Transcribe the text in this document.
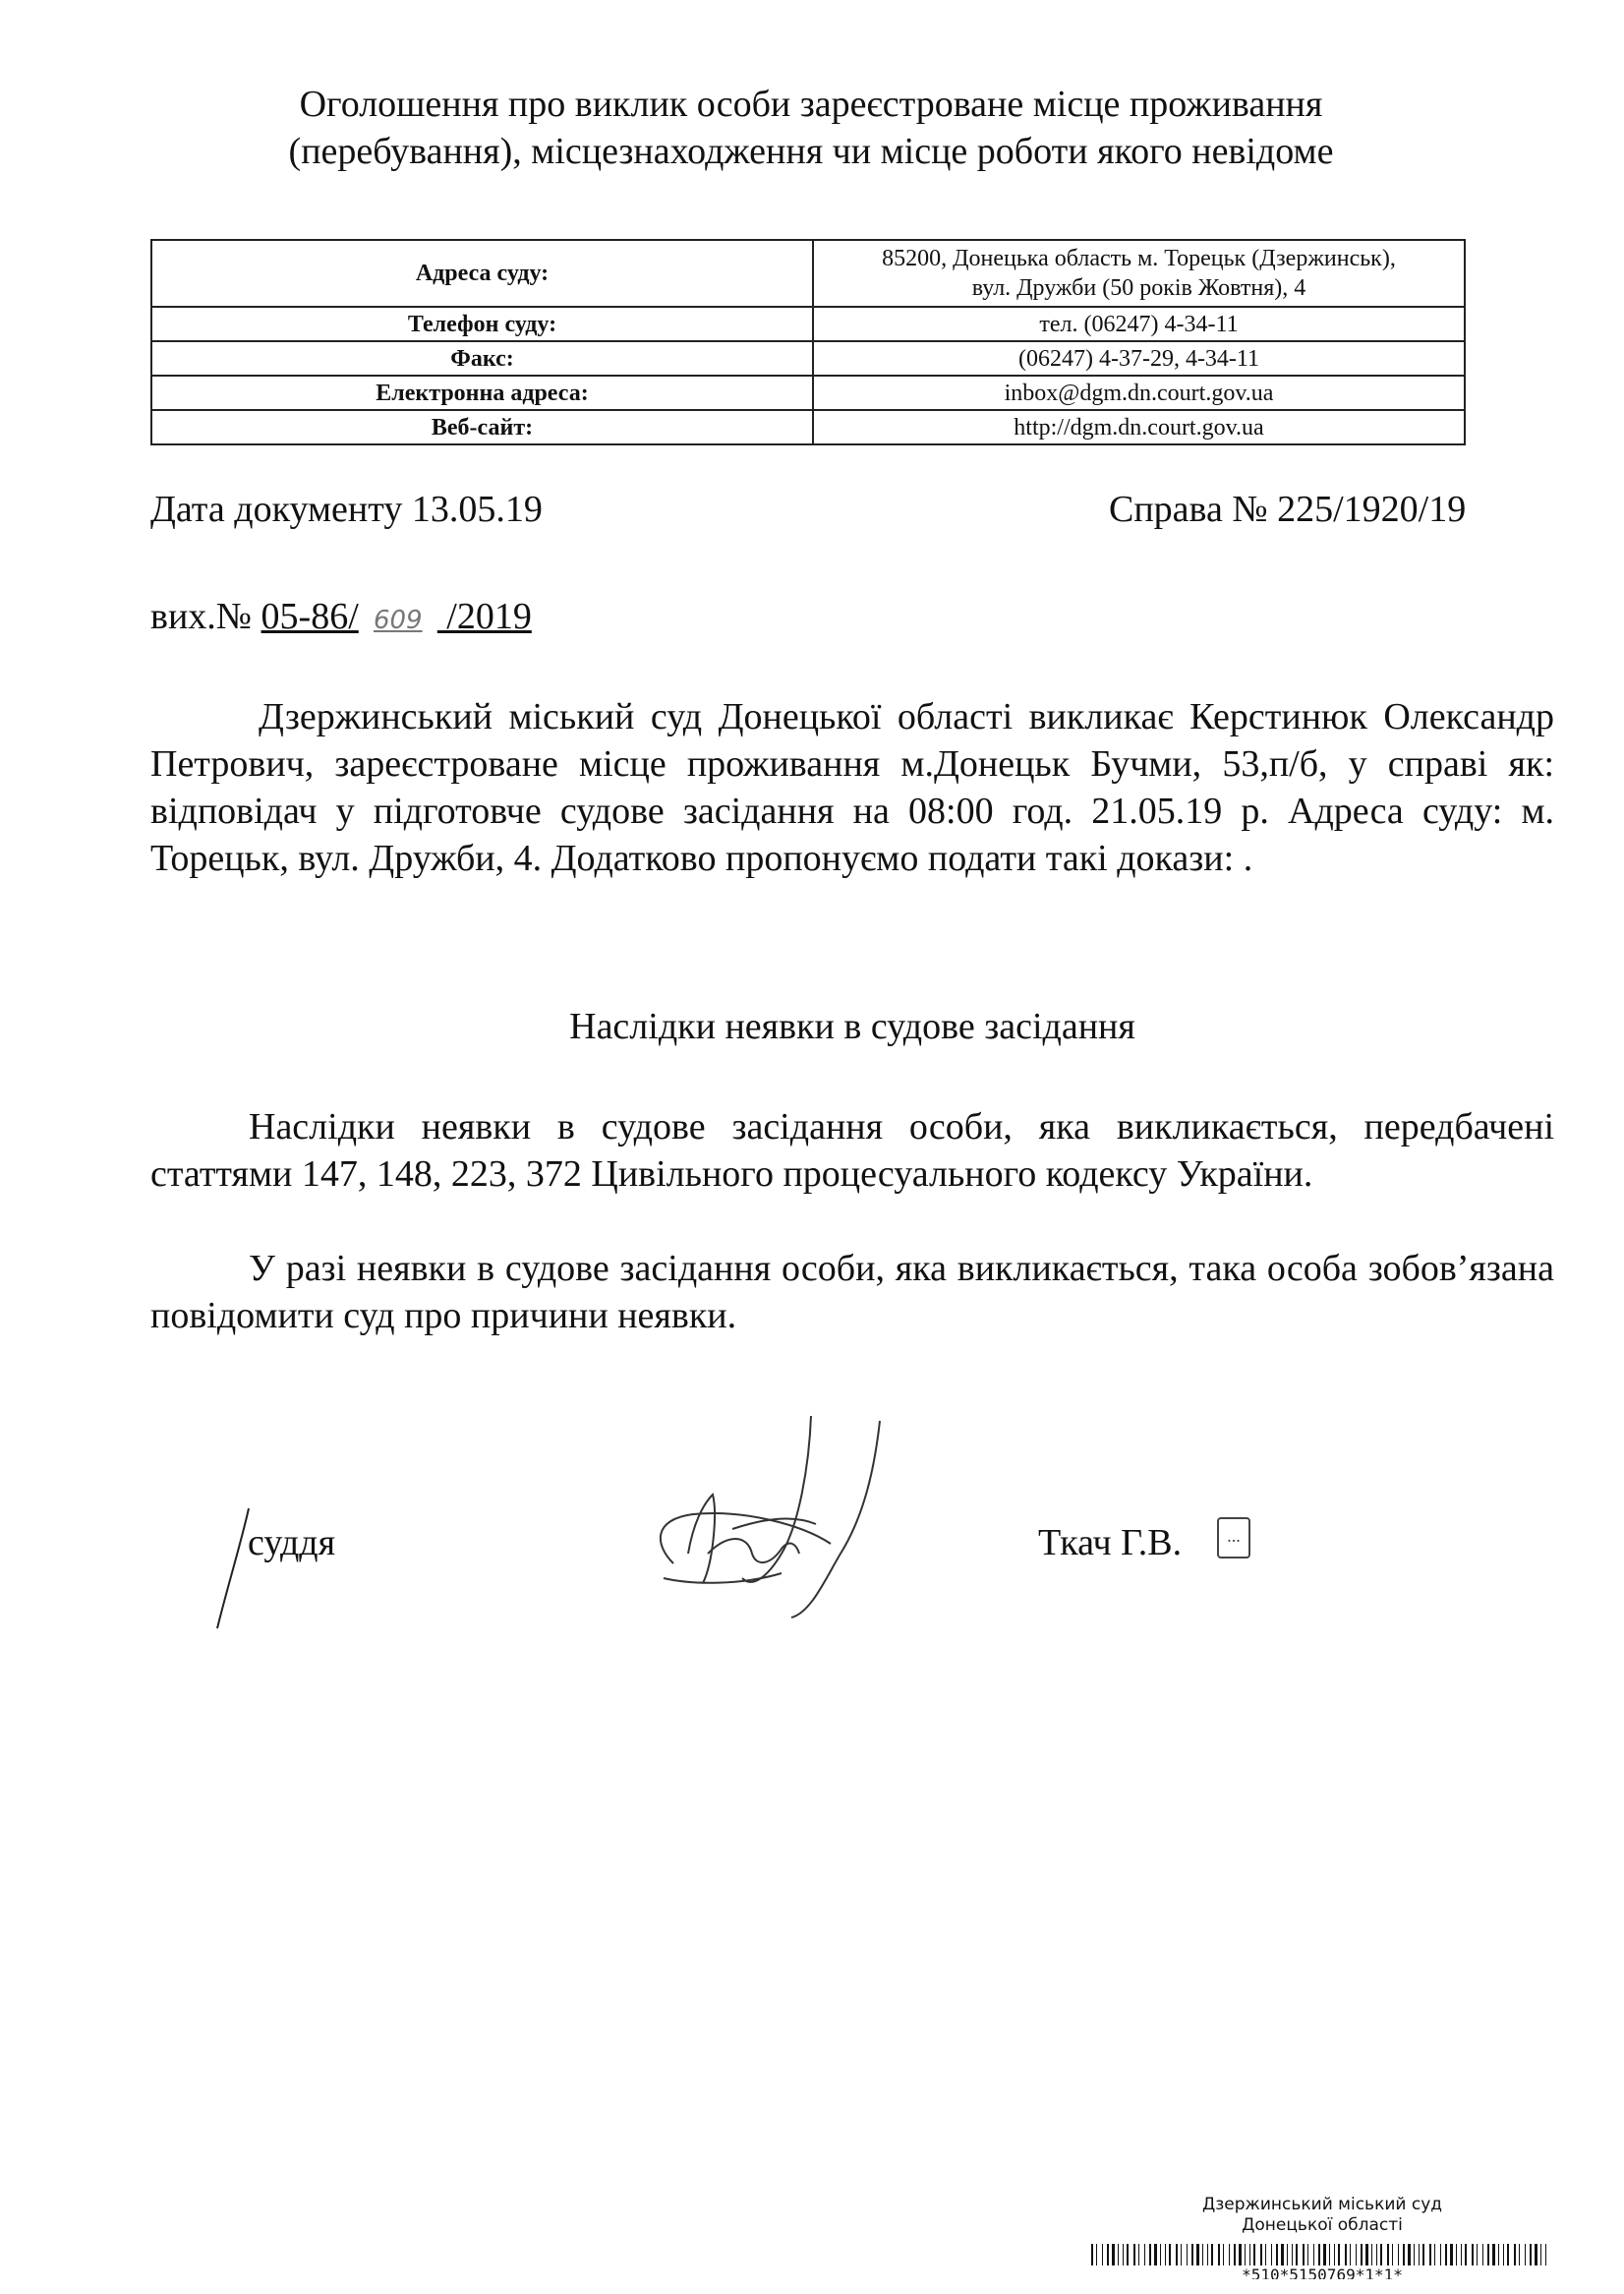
Оголошення про виклик особи зареєстроване місце проживання
(перебування), місцезнаходження чи місце роботи якого невідоме
Адреса суду:	85200, Донецька область м. Торецьк (Дзержинськ),
вул. Дружби (50 років Жовтня), 4

Телефон суду:	тел. (06247) 4-34-11
Факс:	(06247) 4-37-29, 4-34-11
Електронна адреса:	inbox@dgm.dn.court.gov.ua
Веб-сайт:	http://dgm.dn.court.gov.ua
Дата документу 13.05.19	Справа № 225/1920/19
вих.№ 05-86/ 609 /2019
Дзержинський міський суд Донецької області викликає Керстинюк Олександр Петрович, зареєстроване місце проживання м.Донецьк Бучми, 53,п/б, у справі як: відповідач у підготовче судове засідання на 08:00 год. 21.05.19 р. Адреса суду: м. Торецьк, вул. Дружби, 4. Додатково пропонуємо подати такі докази: .
Наслідки неявки в судове засідання
Наслідки неявки в судове засідання особи, яка викликається, передбачені статтями 147, 148, 223, 372 Цивільного процесуального кодексу України.
У разі неявки в судове засідання особи, яка викликається, така особа зобов’язана повідомити суд про причини неявки.
суддя	Ткач Г.В.	...
Дзержинський міський суд
Донецької області
*510*5150769*1*1*
